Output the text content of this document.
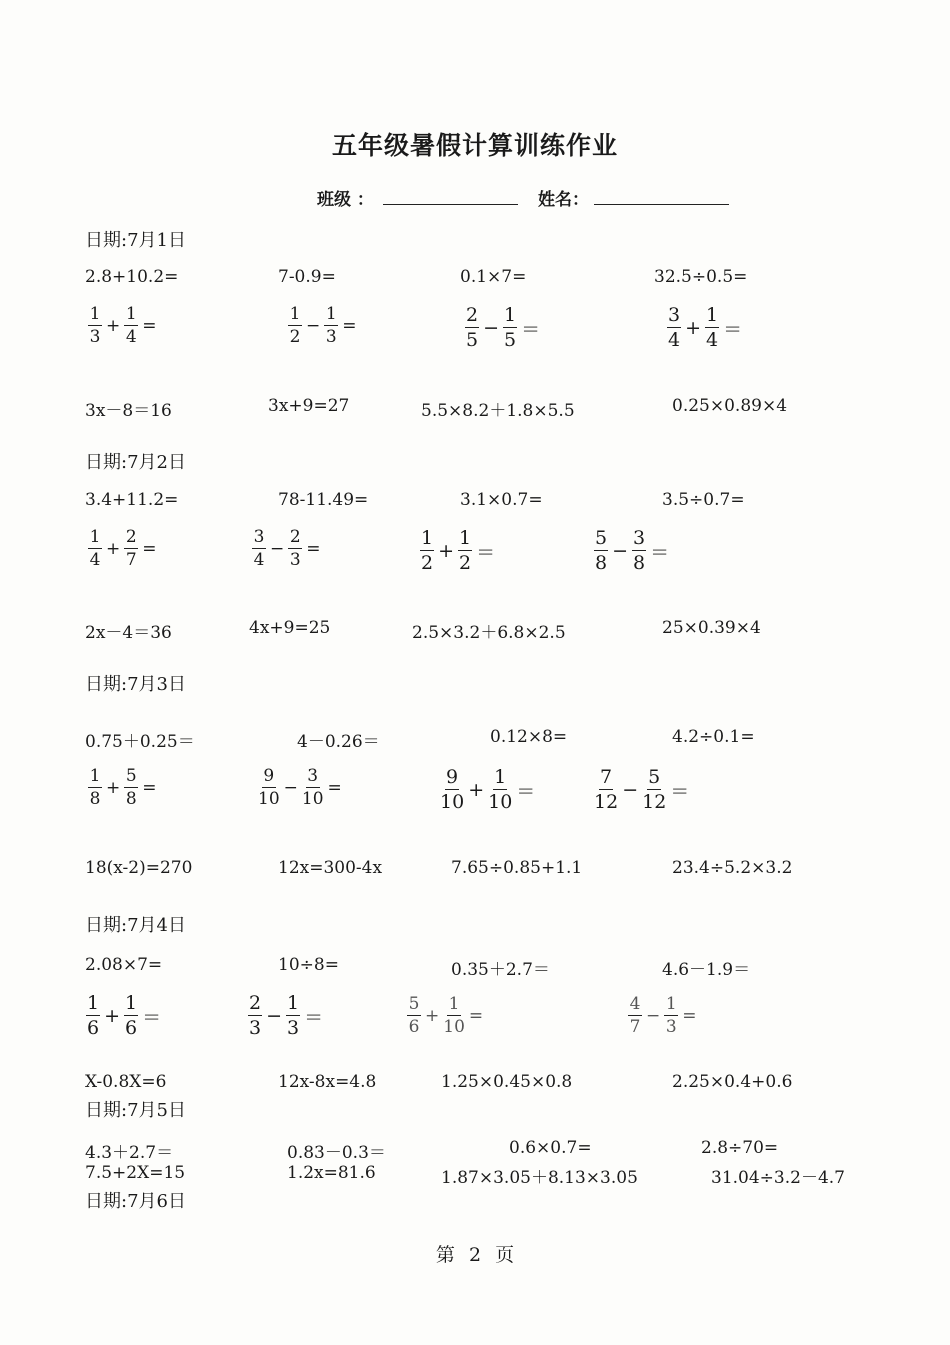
五年级暑假计算训练作业
班级 ：	姓名：
日期:7月1日
2.8+10.2=	7-0.9=	0.1×7=	32.5÷0.5=
$\frac{1}{3} + \frac{1}{4}$ =	$\frac{1}{2} - \frac{1}{3}$ =	$\frac{2}{5} - \frac{1}{5}$ ＝	$\frac{3}{4} + \frac{1}{4}$ ＝
3x－8＝16	3x+9=27	5.5×8.2＋1.8×5.5	0.25×0.89×4
日期:7月2日
3.4+11.2=	78-11.49=	3.1×0.7=	3.5÷0.7=
$\frac{1}{4} + \frac{2}{7}$ =	$\frac{3}{4} - \frac{2}{3}$ =	$\frac{1}{2} + \frac{1}{2}$ ＝	$\frac{5}{8} - \frac{3}{8}$ ＝
2x－4＝36	4x+9=25	2.5×3.2＋6.8×2.5	25×0.39×4
日期:7月3日
0.75＋0.25＝	4－0.26＝	0.12×8=	4.2÷0.1=
$\frac{1}{8} + \frac{5}{8}$ =	$\frac{9}{10} - \frac{3}{10}$ =	$\frac{9}{10} + \frac{1}{10}$ ＝	$\frac{7}{12} - \frac{5}{12}$ ＝
18(x-2)=270	12x=300-4x	7.65÷0.85+1.1	23.4÷5.2×3.2
日期:7月4日
2.08×7=	10÷8=	0.35＋2.7＝	4.6－1.9＝
$\frac{1}{6} + \frac{1}{6}$ ＝	$\frac{2}{3} - \frac{1}{3}$ ＝	$\frac{5}{6} + \frac{1}{10}$ =	$\frac{4}{7} - \frac{1}{3}$ =
X-0.8X=6	12x-8x=4.8	1.25×0.45×0.8	2.25×0.4+0.6
日期:7月5日
4.3＋2.7＝	0.83－0.3＝	0.6×0.7=	2.8÷70=
7.5+2X=15	1.2x=81.6	1.87×3.05＋8.13×3.05	31.04÷3.2－4.7
日期:7月6日
第 2 页
